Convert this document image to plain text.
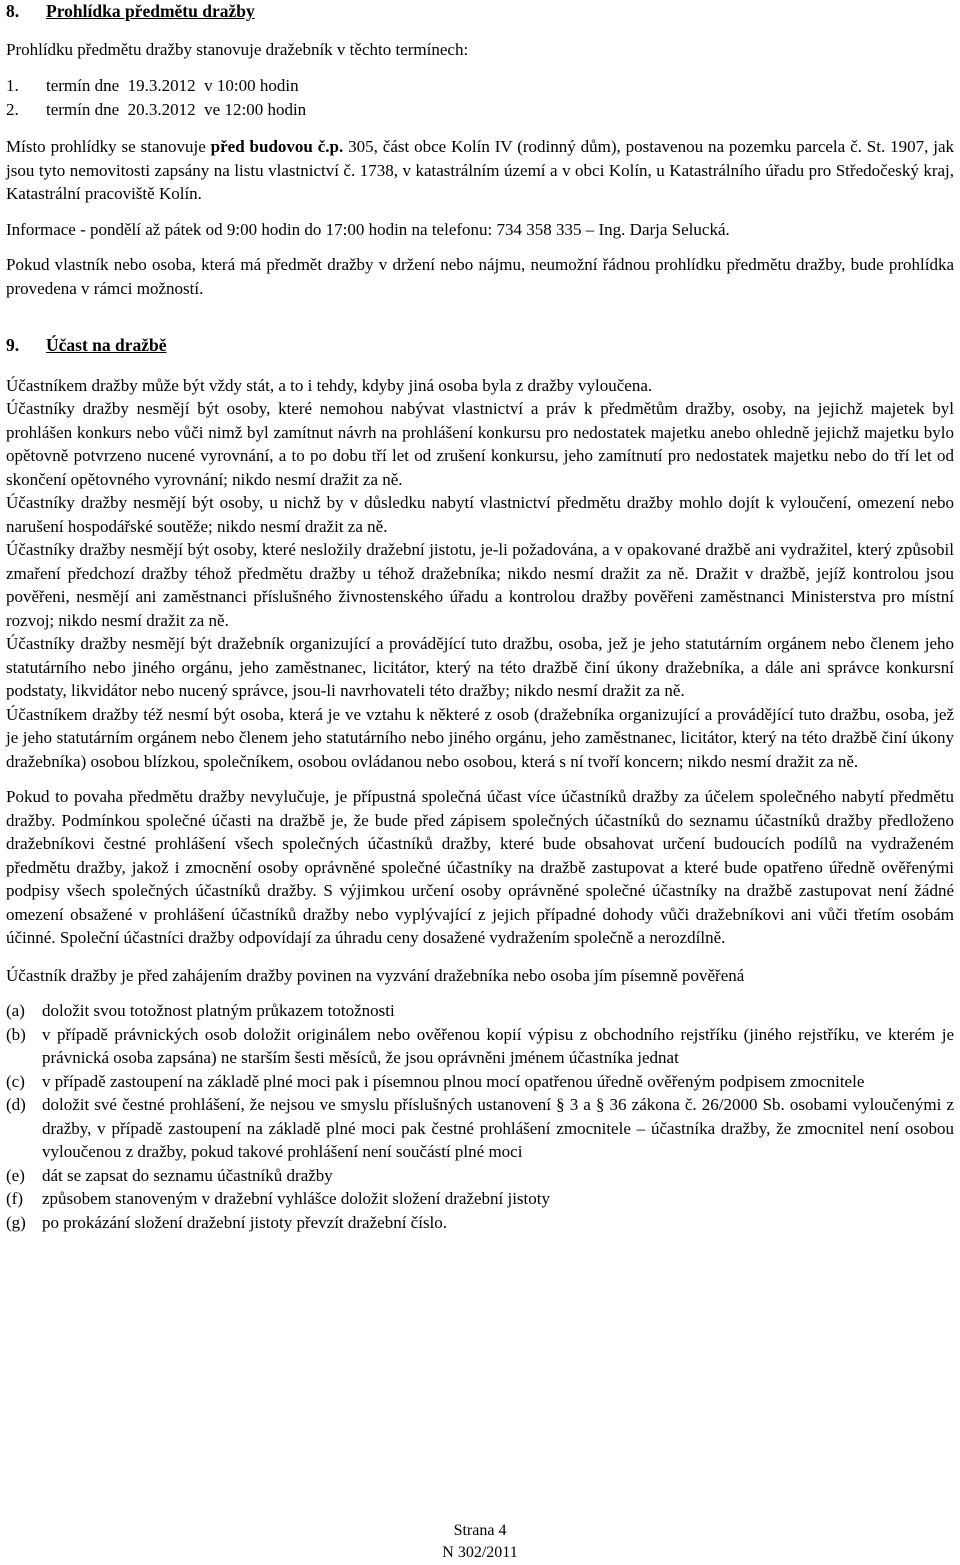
8.	Prohlídka předmětu dražby

Prohlídku předmětu dražby stanovuje dražebník v těchto termínech:

1.	termín dne  19.3.2012  v 10:00 hodin
2.	termín dne  20.3.2012  ve 12:00 hodin

Místo prohlídky se stanovuje před budovou č.p. 305, část obce Kolín IV (rodinný dům), postavenou na pozemku parcela č. St. 1907, jak jsou tyto nemovitosti zapsány na listu vlastnictví č. 1738, v katastrálním území a v obci Kolín, u Katastrálního úřadu pro Středočeský kraj, Katastrální pracoviště Kolín.

Informace - pondělí až pátek od 9:00 hodin do 17:00 hodin na telefonu: 734 358 335 – Ing. Darja Selucká.

Pokud vlastník nebo osoba, která má předmět dražby v držení nebo nájmu, neumožní řádnou prohlídku předmětu dražby, bude prohlídka provedena v rámci možností.

9.	Účast na dražbě

Účastníkem dražby může být vždy stát, a to i tehdy, kdyby jiná osoba byla z dražby vyloučena.

Účastníky dražby nesmějí být osoby, které nemohou nabývat vlastnictví a práv k předmětům dražby, osoby, na jejichž majetek byl prohlášen konkurs nebo vůči nimž byl zamítnut návrh na prohlášení konkursu pro nedostatek majetku anebo ohledně jejichž majetku bylo opětovně potvrzeno nucené vyrovnání, a to po dobu tří let od zrušení konkursu, jeho zamítnutí pro nedostatek majetku nebo do tří let od skončení opětovného vyrovnání; nikdo nesmí dražit za ně.

Účastníky dražby nesmějí být osoby, u nichž by v důsledku nabytí vlastnictví předmětu dražby mohlo dojít k vyloučení, omezení nebo narušení hospodářské soutěže; nikdo nesmí dražit za ně.

Účastníky dražby nesmějí být osoby, které nesložily dražební jistotu, je-li požadována, a v opakované dražbě ani vydražitel, který způsobil zmaření předchozí dražby téhož předmětu dražby u téhož dražebníka; nikdo nesmí dražit za ně. Dražit v dražbě, jejíž kontrolou jsou pověřeni, nesmějí ani zaměstnanci příslušného živnostenského úřadu a kontrolou dražby pověřeni zaměstnanci Ministerstva pro místní rozvoj; nikdo nesmí dražit za ně.

Účastníky dražby nesmějí být dražebník organizující a provádějící tuto dražbu, osoba, jež je jeho statutárním orgánem nebo členem jeho statutárního nebo jiného orgánu, jeho zaměstnanec, licitátor, který na této dražbě činí úkony dražebníka, a dále ani správce konkursní podstaty, likvidátor nebo nucený správce, jsou-li navrhovateli této dražby; nikdo nesmí dražit za ně.

Účastníkem dražby též nesmí být osoba, která je ve vztahu k některé z osob (dražebníka organizující a provádějící tuto dražbu, osoba, jež je jeho statutárním orgánem nebo členem jeho statutárního nebo jiného orgánu, jeho zaměstnanec, licitátor, který na této dražbě činí úkony dražebníka) osobou blízkou, společníkem, osobou ovládanou nebo osobou, která s ní tvoří koncern; nikdo nesmí dražit za ně.

Pokud to povaha předmětu dražby nevylučuje, je přípustná společná účast více účastníků dražby za účelem společného nabytí předmětu dražby. Podmínkou společné účasti na dražbě je, že bude před zápisem společných účastníků do seznamu účastníků dražby předloženo dražebníkovi čestné prohlášení všech společných účastníků dražby, které bude obsahovat určení budoucích podílů na vydraženém předmětu dražby, jakož i zmocnění osoby oprávněné společné účastníky na dražbě zastupovat a které bude opatřeno úředně ověřenými podpisy všech společných účastníků dražby. S výjimkou určení osoby oprávněné společné účastníky na dražbě zastupovat není žádné omezení obsažené v prohlášení účastníků dražby nebo vyplývající z jejich případné dohody vůči dražebníkovi ani vůči třetím osobám účinné. Společní účastníci dražby odpovídají za úhradu ceny dosažené vydražením společně a nerozdílně.

Účastník dražby je před zahájením dražby povinen na vyzvání dražebníka nebo osoba jím písemně pověřená

(a)	doložit svou totožnost platným průkazem totožnosti
(b) v případě právnických osob doložit originálem nebo ověřenou kopií výpisu z obchodního rejstříku (jiného rejstříku, ve kterém je právnická osoba zapsána) ne starším šesti měsíců, že jsou oprávněni jménem účastníka jednat
(c)	v případě zastoupení na základě plné moci pak i písemnou plnou mocí opatřenou úředně ověřeným podpisem zmocnitele
(d) doložit své čestné prohlášení, že nejsou ve smyslu příslušných ustanovení § 3 a § 36 zákona č. 26/2000 Sb. osobami vyloučenými z dražby, v případě zastoupení na základě plné moci pak čestné prohlášení zmocnitele – účastníka dražby, že zmocnitel není osobou vyloučenou z dražby, pokud takové prohlášení není součástí plné moci
(e)	dát se zapsat do seznamu účastníků dražby
(f)	způsobem stanoveným v dražební vyhlášce doložit složení dražební jistoty
(g) po prokázání složení dražební jistoty převzít dražební číslo.
Strana 4
N 302/2011
